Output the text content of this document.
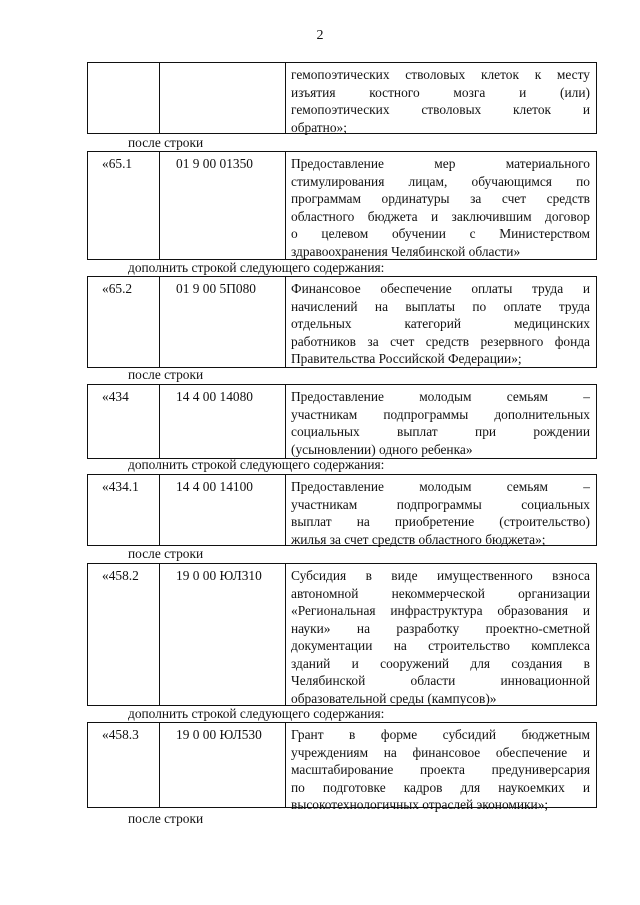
2
гемопоэтических стволовых клеток к месту
изъятия костного мозга и (или)
гемопоэтических стволовых клеток и
обратно»;
«65.1	01 9 00 01350	Предоставление мер материального
стимулирования лицам, обучающимся по
программам ординатуры за счет средств
областного бюджета и заключившим договор
о целевом обучении с Министерством
здравоохранения Челябинской области»
«65.2	01 9 00 5П080	Финансовое обеспечение оплаты труда и
начислений на выплаты по оплате труда
отдельных категорий медицинских
работников за счет средств резервного фонда
Правительства Российской Федерации»;
«434	14 4 00 14080	Предоставление молодым семьям –
участникам подпрограммы дополнительных
социальных выплат при рождении
(усыновлении) одного ребенка»
«434.1	14 4 00 14100	Предоставление молодым семьям –
участникам подпрограммы социальных
выплат на приобретение (строительство)
жилья за счет средств областного бюджета»;
«458.2	19 0 00 ЮЛ310	Субсидия в виде имущественного взноса
автономной некоммерческой организации
«Региональная инфраструктура образования и
науки» на разработку проектно-сметной
документации на строительство комплекса
зданий и сооружений для создания в
Челябинской области инновационной
образовательной среды (кампусов)»
«458.3	19 0 00 ЮЛ530	Грант в форме субсидий бюджетным
учреждениям на финансовое обеспечение и
масштабирование проекта предуниверсария
по подготовке кадров для наукоемких и
высокотехнологичных отраслей экономики»;
после строки
дополнить строкой следующего содержания:
после строки
дополнить строкой следующего содержания:
после строки
дополнить строкой следующего содержания:
после строки
